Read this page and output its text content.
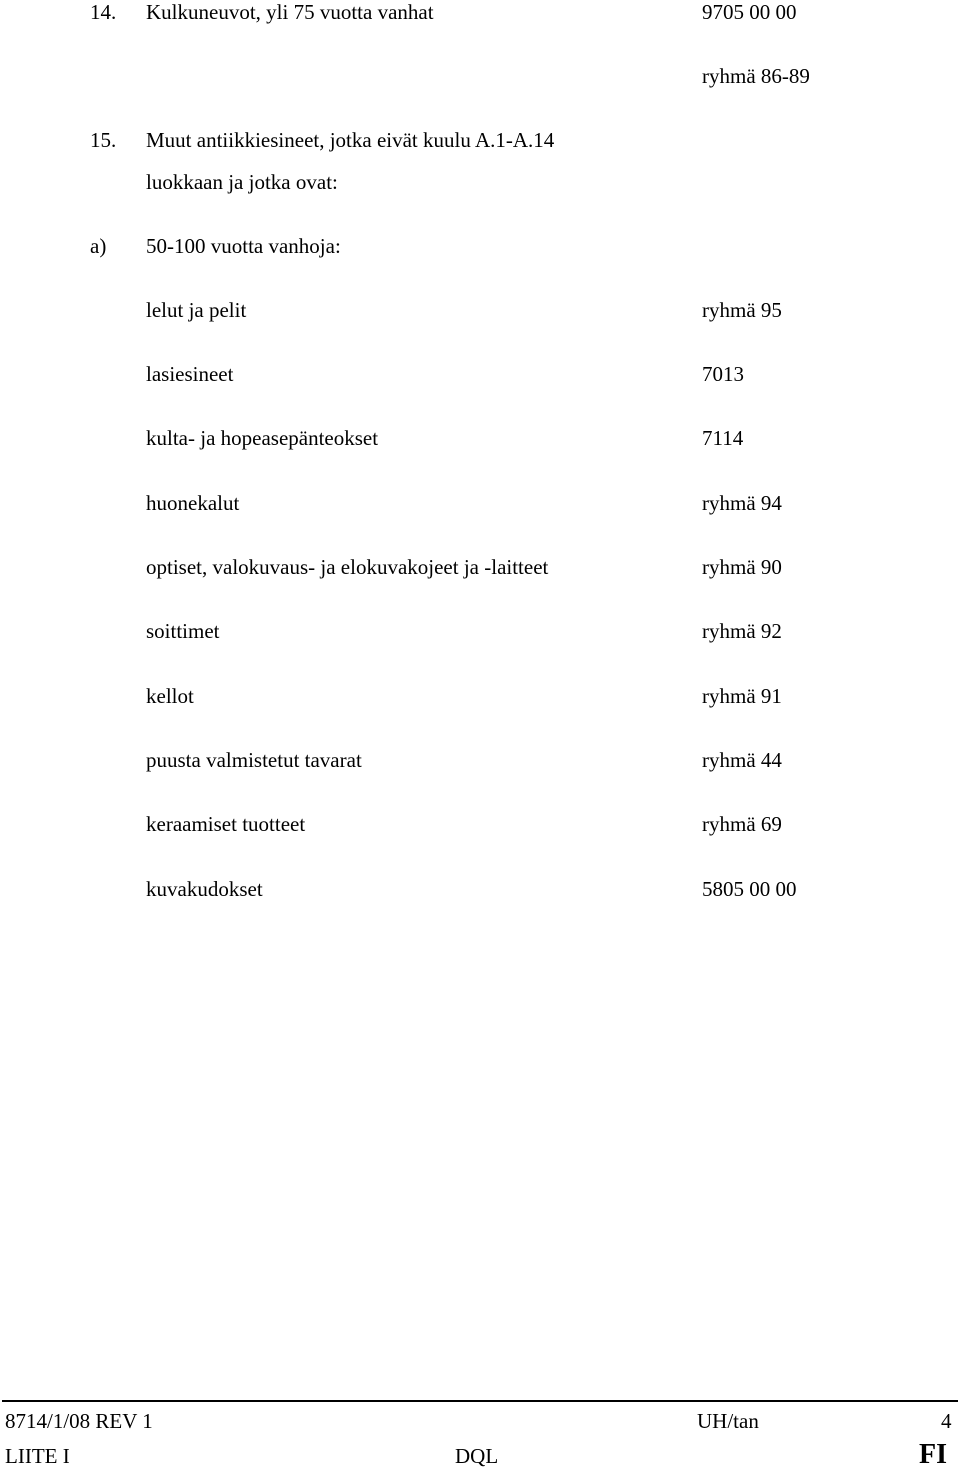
14. Kulkuneuvot, yli 75 vuotta vanhat	9705 00 00
ryhmä 86-89
15. Muut antiikkiesineet, jotka eivät kuulu A.1-A.14
luokkaan ja jotka ovat:
a) 50-100 vuotta vanhoja:
lelut ja pelit	ryhmä 95
lasiesineet	7013
kulta- ja hopeasepänteokset	7114
huonekalut	ryhmä 94
optiset, valokuvaus- ja elokuvakojeet ja -laitteet	ryhmä 90
soittimet	ryhmä 92
kellot	ryhmä 91
puusta valmistetut tavarat	ryhmä 44
keraamiset tuotteet	ryhmä 69
kuvakudokset	5805 00 00
8714/1/08 REV 1	UH/tan	4
LIITE I	DQL	FI
